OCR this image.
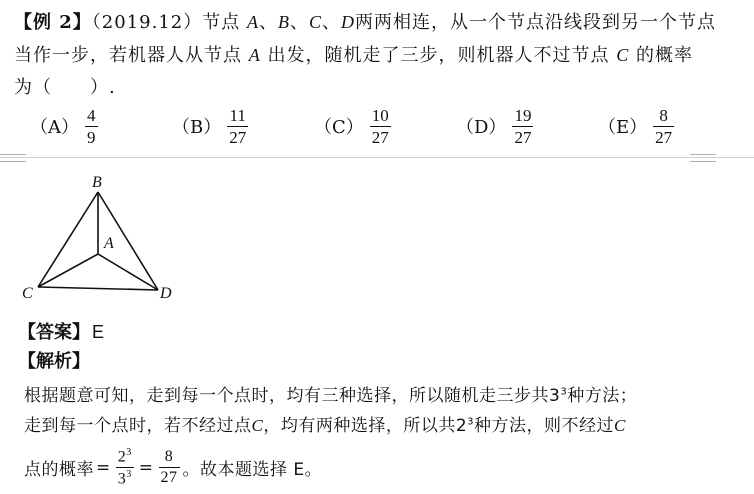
【例 2】（2019.12）节点 A、B、C、D两两相连，从一个节点沿线段到另一个节点
当作一步，若机器人从节点 A 出发，随机走了三步，则机器人不过节点 C 的概率
为（　　）.
$(A) \frac{4}{9}$	$(B) \frac{11}{27}$	$(C) \frac{10}{27}$	$(D) \frac{19}{27}$	$(E) \frac{8}{27}$
B
A
C	D
【答案】 E
【解析】
根据题意可知，走到每一个点时，均有三种选择，所以随机走三步共$3^3$种方法；
走到每一个点时，若不经过点C，均有两种选择，所以共$2^3$种方法，则不经过C
点的概率 = $\frac{2^3}{3^3} = \frac{8}{27}$ 。故本题选择 E。
